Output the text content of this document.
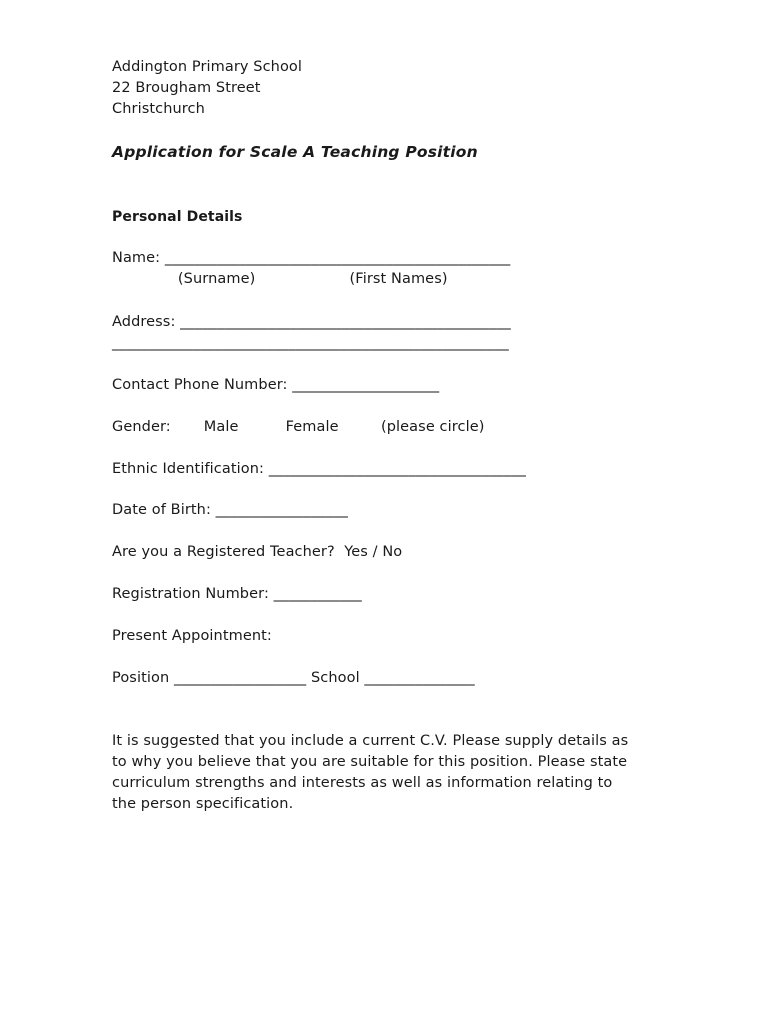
Addington Primary School
22 Brougham Street
Christchurch
Application for Scale A Teaching Position
Personal Details
Name: _______________________________________________
(Surname)                    (First Names)
Address: _____________________________________________
______________________________________________________
Contact Phone Number: ____________________
Gender:       Male          Female         (please circle)
Ethnic Identification: ___________________________________
Date of Birth: __________________
Are you a Registered Teacher?  Yes / No
Registration Number: ____________
Present Appointment:
Position __________________ School _______________
It is suggested that you include a current C.V. Please supply details as to why you believe that you are suitable for this position. Please state curriculum strengths and interests as well as information relating to the person specification.
